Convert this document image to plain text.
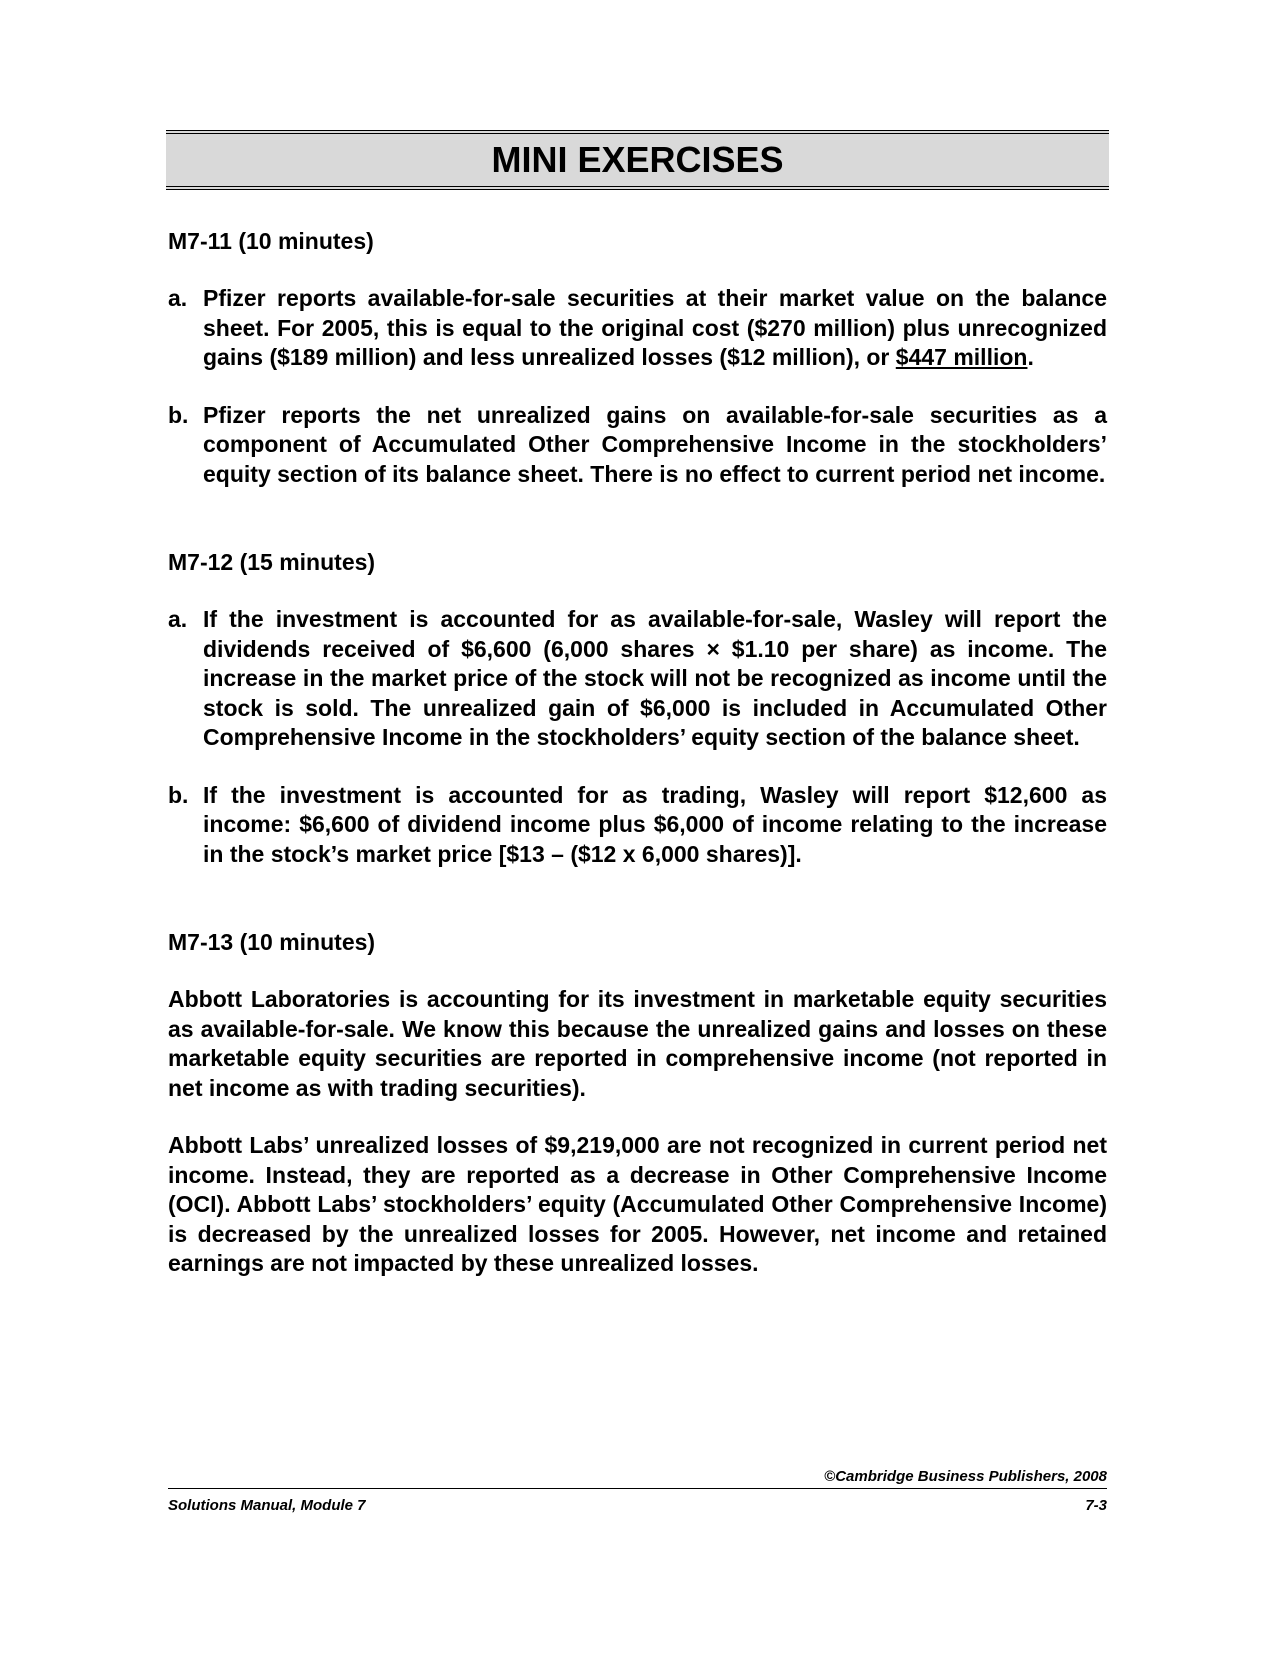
MINI EXERCISES

M7-11 (10 minutes)

a. Pfizer reports available-for-sale securities at their market value on the balance sheet. For 2005, this is equal to the original cost ($270 million) plus unrecognized gains ($189 million) and less unrealized losses ($12 million), or $447 million.
b. Pfizer reports the net unrealized gains on available-for-sale securities as a component of Accumulated Other Comprehensive Income in the stockholders’ equity section of its balance sheet. There is no effect to current period net income.

M7-12 (15 minutes)

a. If the investment is accounted for as available-for-sale, Wasley will report the dividends received of $6,600 (6,000 shares × $1.10 per share) as income. The increase in the market price of the stock will not be recognized as income until the stock is sold. The unrealized gain of $6,000 is included in Accumulated Other Comprehensive Income in the stockholders’ equity section of the balance sheet.
b. If the investment is accounted for as trading, Wasley will report $12,600 as income: $6,600 of dividend income plus $6,000 of income relating to the increase in the stock’s market price [$13 – ($12 x 6,000 shares)].

M7-13 (10 minutes)

Abbott Laboratories is accounting for its investment in marketable equity securities as available-for-sale. We know this because the unrealized gains and losses on these marketable equity securities are reported in comprehensive income (not reported in net income as with trading securities).

Abbott Labs’ unrealized losses of $9,219,000 are not recognized in current period net income. Instead, they are reported as a decrease in Other Comprehensive Income (OCI). Abbott Labs’ stockholders’ equity (Accumulated Other Comprehensive Income) is decreased by the unrealized losses for 2005. However, net income and retained earnings are not impacted by these unrealized losses.

©Cambridge Business Publishers, 2008
Solutions Manual, Module 7	7-3
